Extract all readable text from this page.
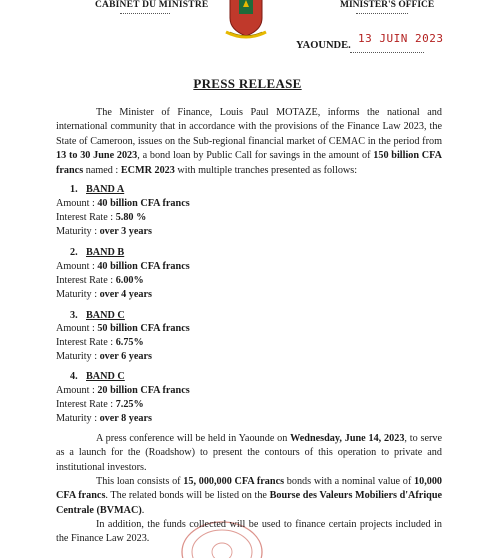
CABINET DU MINISTRE	MINISTER'S OFFICE
13 JUIN 2023
YAOUNDE.
PRESS RELEASE
The Minister of Finance, Louis Paul MOTAZE, informs the national and international community that in accordance with the provisions of the Finance Law 2023, the State of Cameroon, issues on the Sub-regional financial market of CEMAC in the period from 13 to 30 June 2023, a bond loan by Public Call for savings in the amount of 150 billion CFA francs named : ECMR 2023 with multiple tranches presented as follows:
1. BAND A
Amount : 40 billion CFA francs
Interest Rate : 5.80 %
Maturity : over 3 years
2. BAND B
Amount : 40 billion CFA francs
Interest Rate : 6.00%
Maturity : over 4 years
3. BAND C
Amount : 50 billion CFA francs
Interest Rate : 6.75%
Maturity : over 6 years
4. BAND C
Amount : 20 billion CFA francs
Interest Rate : 7.25%
Maturity : over 8 years
A press conference will be held in Yaounde on Wednesday, June 14, 2023, to serve as a launch for the (Roadshow) to present the contours of this operation to private and institutional investors.
This loan consists of 15, 000,000 CFA francs bonds with a nominal value of 10,000 CFA francs. The related bonds will be listed on the Bourse des Valeurs Mobiliers d'Afrique Centrale (BVMAC).
In addition, the funds collected will be used to finance certain projects included in the Finance Law 2023.
